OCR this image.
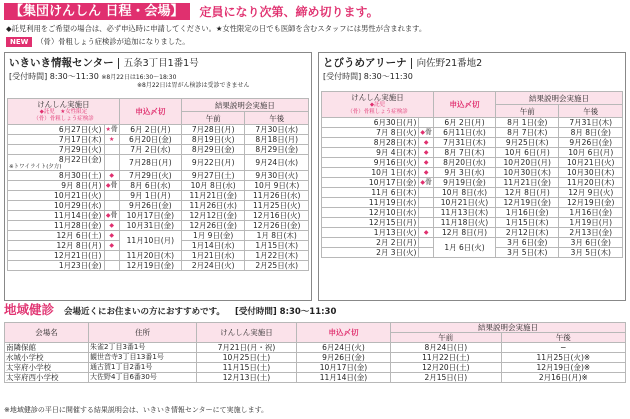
【集団けんしん 日程・会場】	定員になり次第、締め切ります。
◆託児利用をご希望の場合は、必ず申込時に申請してください。★女性限定の日でも医師を含むスタッフには男性が含まれます。
NEW （骨）骨粗しょう症検診が追加になりました。
いきいき情報センター 五条3丁目1番1号
[受付時間] 8:30～11:30 ※8月22日は16:30～18:30
※8月22日は胃がん検診は受診できません
けんしん実施日
◆託児　★女性限定
（骨）骨粗しょう症検診		申込〆切	結果説明会実施日	
			午前	午後
6月27日(火)	★骨	6月 2日(月)	7月28日(月)	7月30日(水)
7月17日(木)	★	6月20日(金)	8月19日(火)	8月18日(月)
7月29日(火)		7月 2日(水)	8月29日(金)	8月29日(金)
8月22日(金)
※トワイライト(夕方)		7月28日(月)	9月22日(月)	9月24日(水)
8月30日(土)	◆	7月29日(火)	9月27日(土)	9月30日(火)
9月 8日(月)	◆骨	8月 6日(水)	10月 8日(水)	10月 9日(木)
10月21日(火)		9月 1日(月)	11月21日(金)	11月26日(水)
10月29日(水)		9月26日(金)	11月26日(水)	11月25日(火)
11月14日(金)	◆骨	10月17日(金)	12月12日(金)	12月16日(火)
11月28日(金)	◆	10月31日(金)	12月26日(金)	12月26日(金)
12月 6日(土)	◆	11月10日(月)	1月 9日(金)	1月 8日(木)
12月 8日(月)	◆		1月14日(水)	1月15日(木)
12月21日(日)		11月20日(木)	1月21日(水)	1月22日(木)
1月23日(金)		12月19日(金)	2月24日(火)	2月25日(水)
とびうめアリーナ 向佐野21番地2
[受付時間] 8:30～11:30
けんしん実施日
◆託児
（骨）骨粗しょう症検診		申込〆切	結果説明会実施日	
			午前	午後
6月30日(月)		6月 2日(月)	8月 1日(金)	7月31日(木)
7月 8日(火)	◆骨	6月11日(水)	8月 7日(木)	8月 8日(金)
8月28日(木)	◆	7月31日(木)	9月25日(木)	9月26日(金)
9月 4日(木)	◆	8月 7日(木)	10月 6日(月)	10月 6日(月)
9月16日(火)	◆	8月20日(水)	10月20日(月)	10月21日(火)
10月 1日(水)	◆	9月 3日(水)	10月30日(木)	10月30日(木)
10月17日(金)	◆骨	9月19日(金)	11月21日(金)	11月20日(木)
11月 6日(木)		10月 8日(水)	12月 8日(月)	12月 9日(火)
11月19日(水)		10月21日(火)	12月19日(金)	12月19日(金)
12月10日(水)		11月13日(木)	1月16日(金)	1月16日(金)
12月15日(月)		11月18日(火)	1月15日(木)	1月19日(月)
1月13日(火)	◆	12月 8日(月)	2月12日(木)	2月13日(金)
2月 2日(月)		1月 6日(火)	3月 6日(金)	3月 6日(金)
2月 3日(火)			3月 5日(木)	3月 5日(木)
地域健診 会場近くにお住まいの方におすすめです。 [受付時間] 8:30～11:30
会場名	住所	けんしん実施日	申込〆切	結果説明会実施日	
				午前	午後
南隣保館	朱雀2丁目3番1号	7月21日(月・祝)	6月24日(火)	8月24日(日)	−
水城小学校	観世音寺3丁目13番1号	10月25日(土)	9月26日(金)	11月22日(土)	11月25日(火)※
太宰府小学校	通古賀1丁目2番1号	11月15日(土)	10月17日(金)	12月20日(土)	12月19日(金)※
太宰府西小学校	大佐野4丁目6番30号	12月13日(土)	11月14日(金)	2月15日(日)	2月16日(月)※
※地域健診の平日に開催する結果説明会は、いきいき情報センターにて実施します。
